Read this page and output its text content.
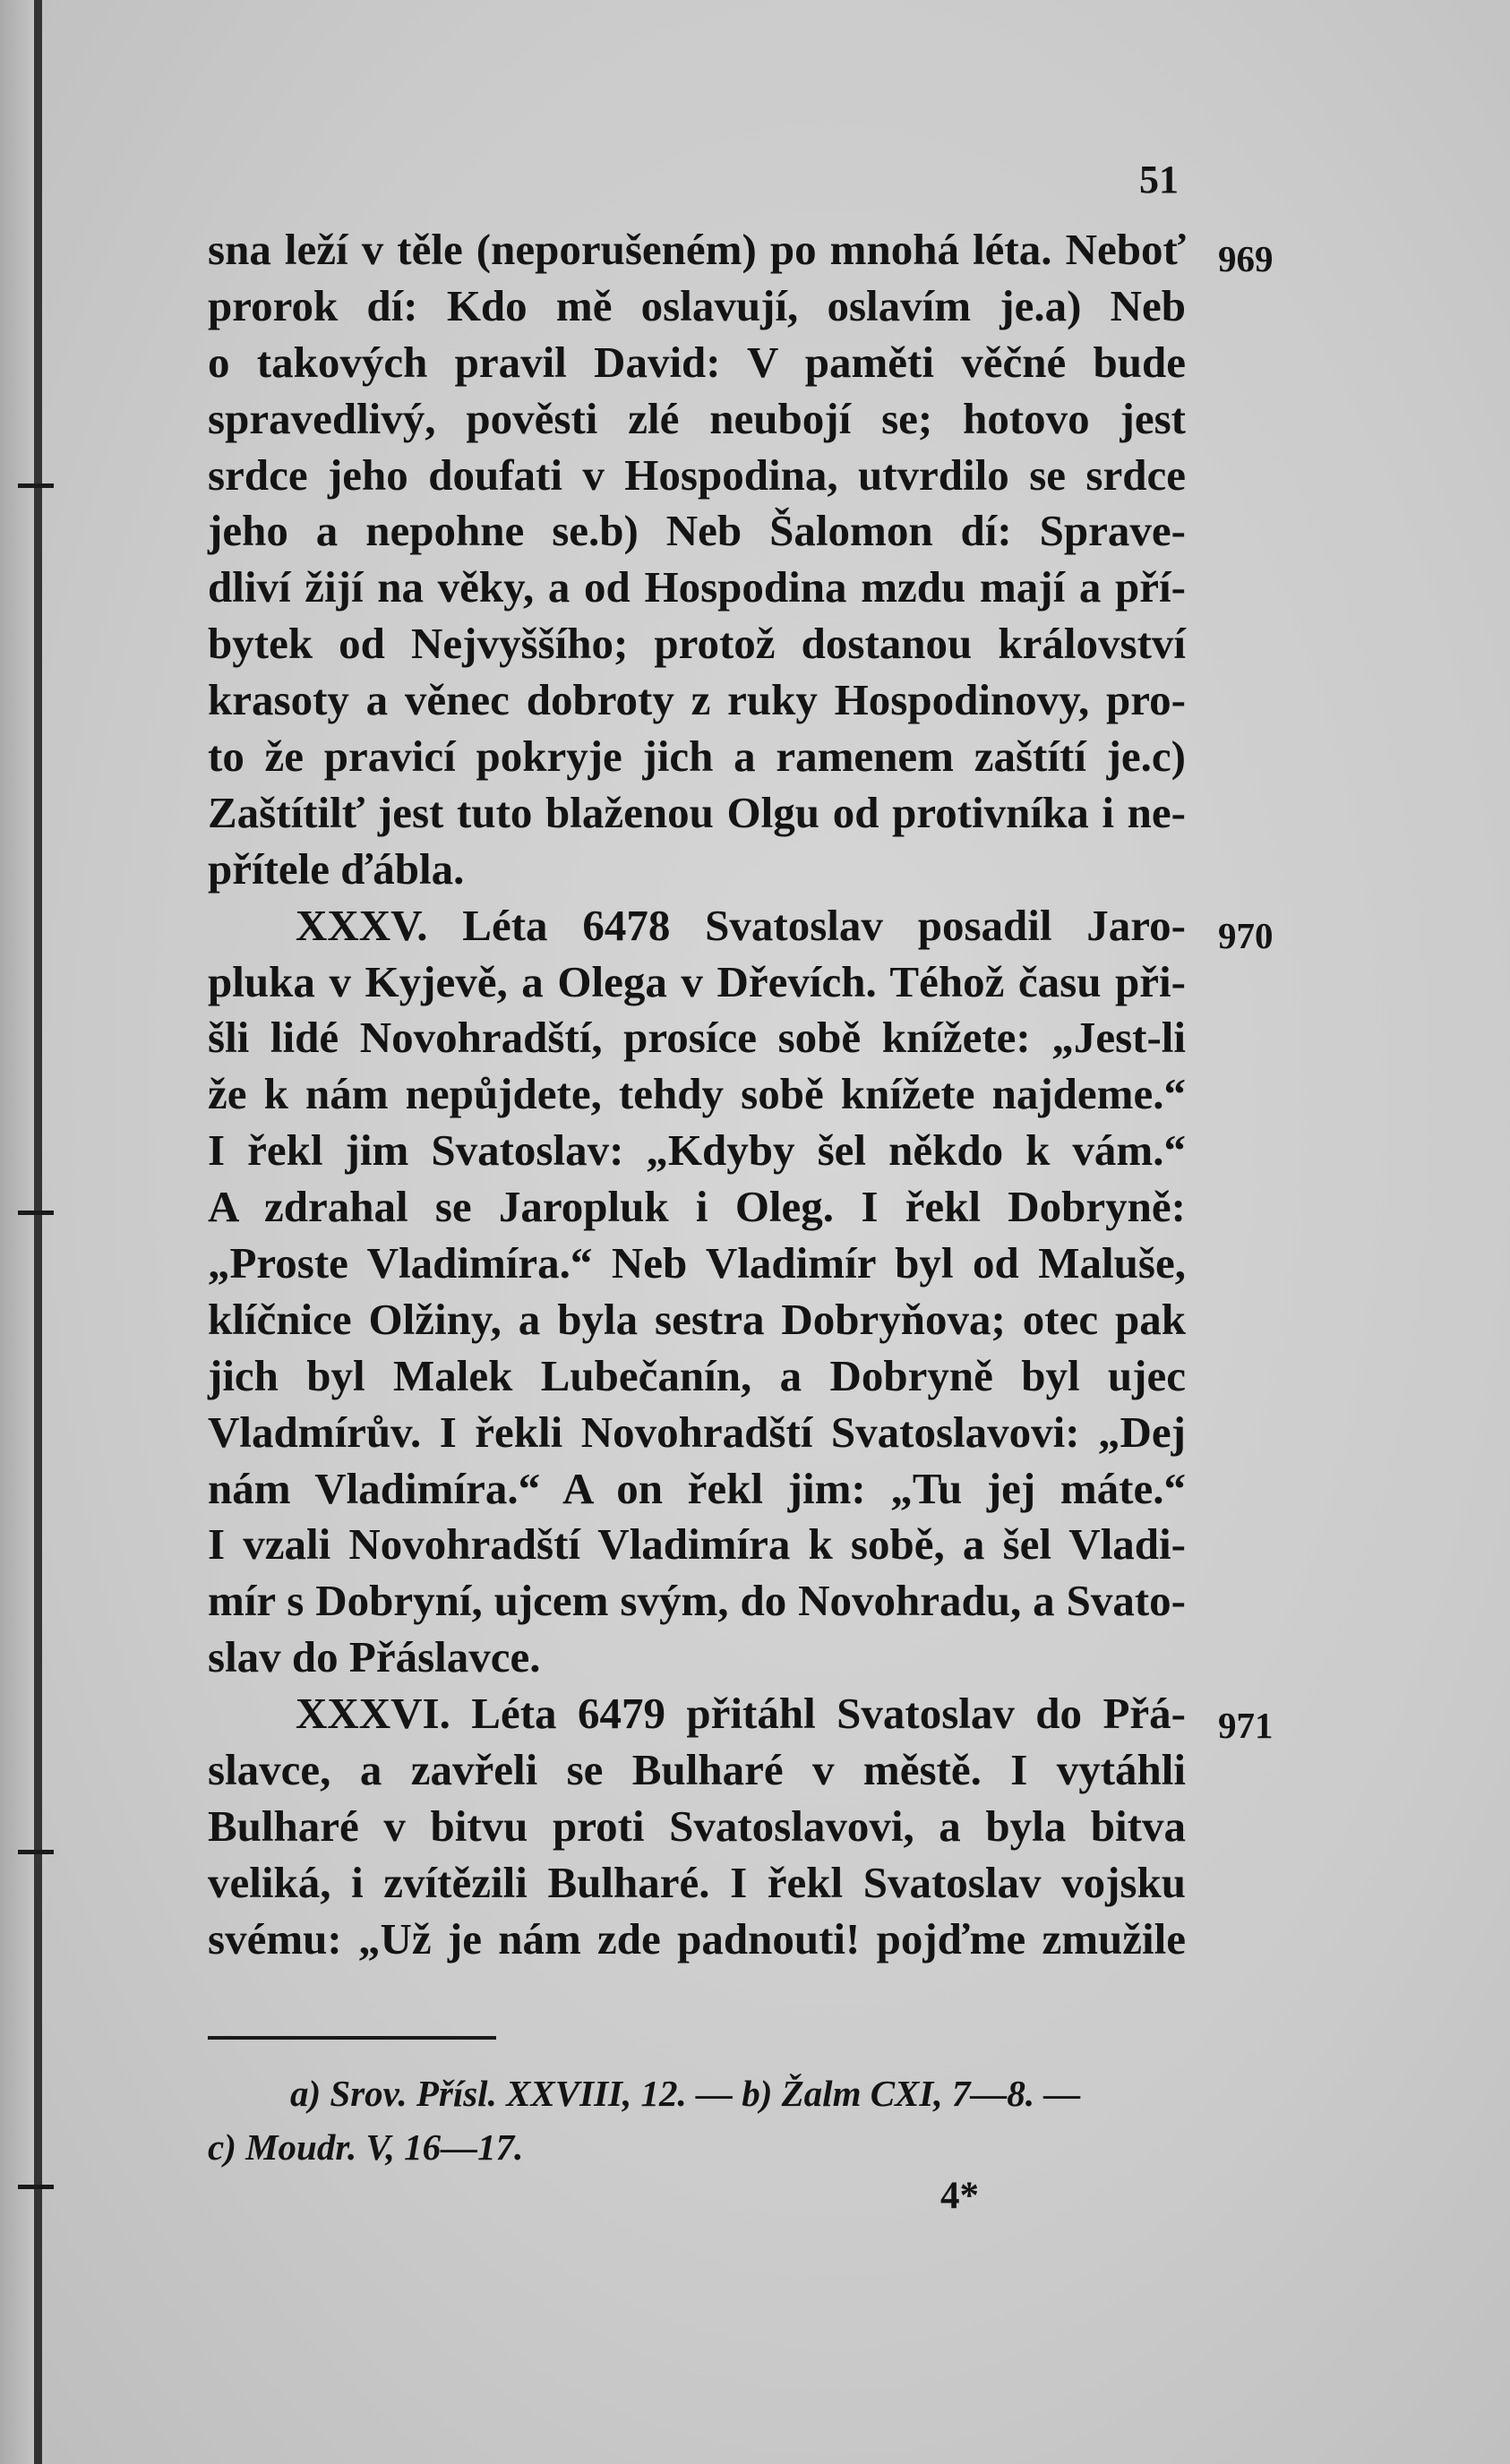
51
969
970
971
sna leží v těle (neporušeném) po mnohá léta. Neboť
prorok dí: Kdo mě oslavují, oslavím je.a) Neb
o takových pravil David: V paměti věčné bude
spravedlivý, pověsti zlé neubojí se; hotovo jest
srdce jeho doufati v Hospodina, utvrdilo se srdce
jeho a nepohne se.b) Neb Šalomon dí: Sprave-
dliví žijí na věky, a od Hospodina mzdu mají a pří-
bytek od Nejvyššího; protož dostanou království
krasoty a věnec dobroty z ruky Hospodinovy, pro-
to že pravicí pokryje jich a ramenem zaštítí je.c)
Zaštítilť jest tuto blaženou Olgu od protivníka i ne-
přítele ďábla.
XXXV. Léta 6478 Svatoslav posadil Jaro-
pluka v Kyjevě, a Olega v Dřevích. Téhož času při-
šli lidé Novohradští, prosíce sobě knížete: „Jest-li
že k nám nepůjdete, tehdy sobě knížete najdeme.“
I řekl jim Svatoslav: „Kdyby šel někdo k vám.“
A zdrahal se Jaropluk i Oleg. I řekl Dobryně:
„Proste Vladimíra.“ Neb Vladimír byl od Maluše,
klíčnice Olžiny, a byla sestra Dobryňova; otec pak
jich byl Malek Lubečanín, a Dobryně byl ujec
Vladmírův. I řekli Novohradští Svatoslavovi: „Dej
nám Vladimíra.“ A on řekl jim: „Tu jej máte.“
I vzali Novohradští Vladimíra k sobě, a šel Vladi-
mír s Dobryní, ujcem svým, do Novohradu, a Svato-
slav do Přáslavce.
XXXVI. Léta 6479 přitáhl Svatoslav do Přá-
slavce, a zavřeli se Bulharé v městě. I vytáhli
Bulharé v bitvu proti Svatoslavovi, a byla bitva
veliká, i zvítězili Bulharé. I řekl Svatoslav vojsku
svému: „Už je nám zde padnouti! pojďme zmužile
a) Srov. Přísl. XXVIII, 12. — b) Žalm CXI, 7—8. —
c) Moudr. V, 16—17.
4*
